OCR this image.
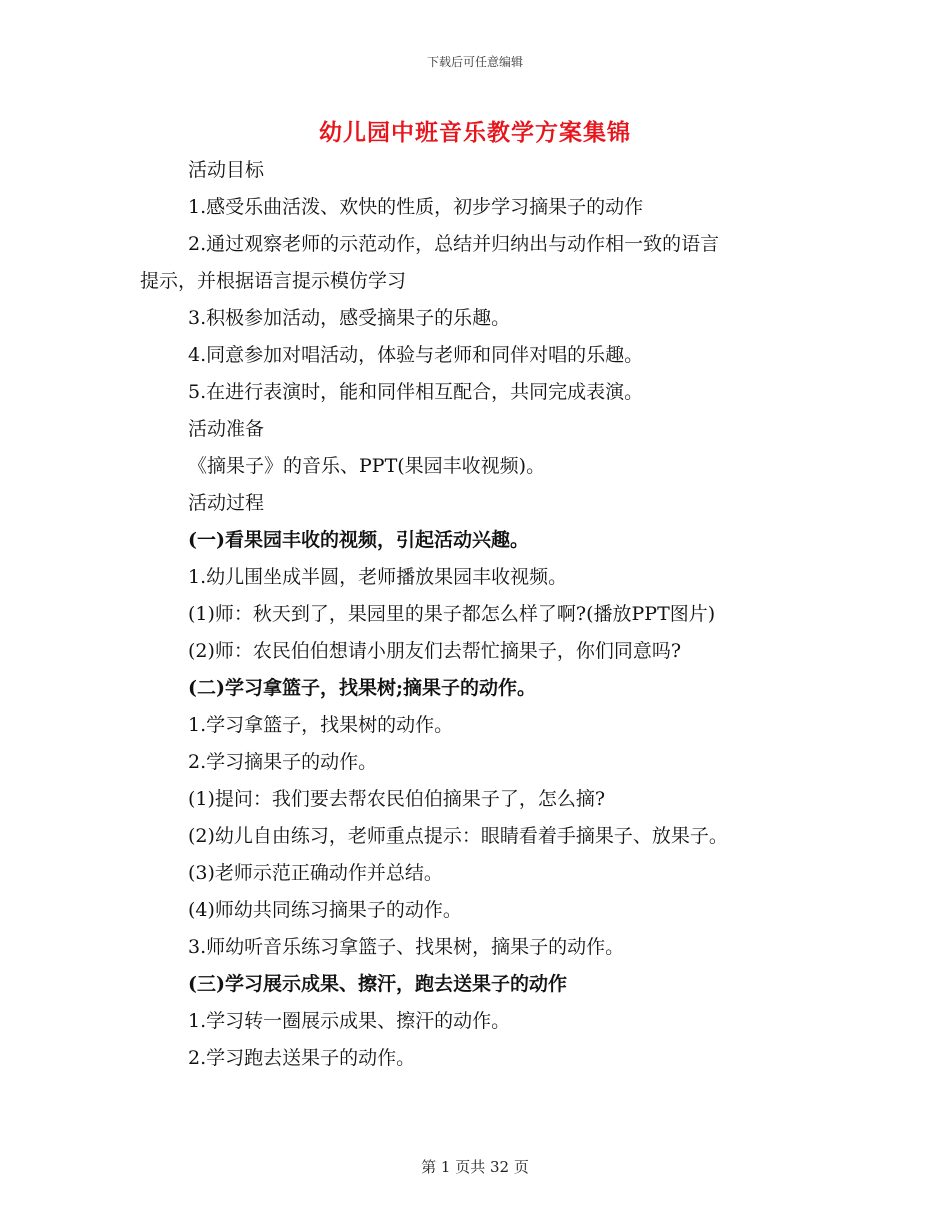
下载后可任意编辑
幼儿园中班音乐教学方案集锦
活动目标
1.感受乐曲活泼、欢快的性质，初步学习摘果子的动作
2.通过观察老师的示范动作，总结并归纳出与动作相一致的语言
提示，并根据语言提示模仿学习
3.积极参加活动，感受摘果子的乐趣。
4.同意参加对唱活动，体验与老师和同伴对唱的乐趣。
5.在进行表演时，能和同伴相互配合，共同完成表演。
活动准备
《摘果子》的音乐、PPT(果园丰收视频)。
活动过程
(一)看果园丰收的视频，引起活动兴趣。
1.幼儿围坐成半圆，老师播放果园丰收视频。
(1)师：秋天到了，果园里的果子都怎么样了啊?(播放PPT图片)
(2)师：农民伯伯想请小朋友们去帮忙摘果子，你们同意吗?
(二)学习拿篮子，找果树;摘果子的动作。
1.学习拿篮子，找果树的动作。
2.学习摘果子的动作。
(1)提问：我们要去帮农民伯伯摘果子了，怎么摘?
(2)幼儿自由练习，老师重点提示：眼睛看着手摘果子、放果子。
(3)老师示范正确动作并总结。
(4)师幼共同练习摘果子的动作。
3.师幼听音乐练习拿篮子、找果树，摘果子的动作。
(三)学习展示成果、擦汗，跑去送果子的动作
1.学习转一圈展示成果、擦汗的动作。
2.学习跑去送果子的动作。
第 1 页共 32 页
